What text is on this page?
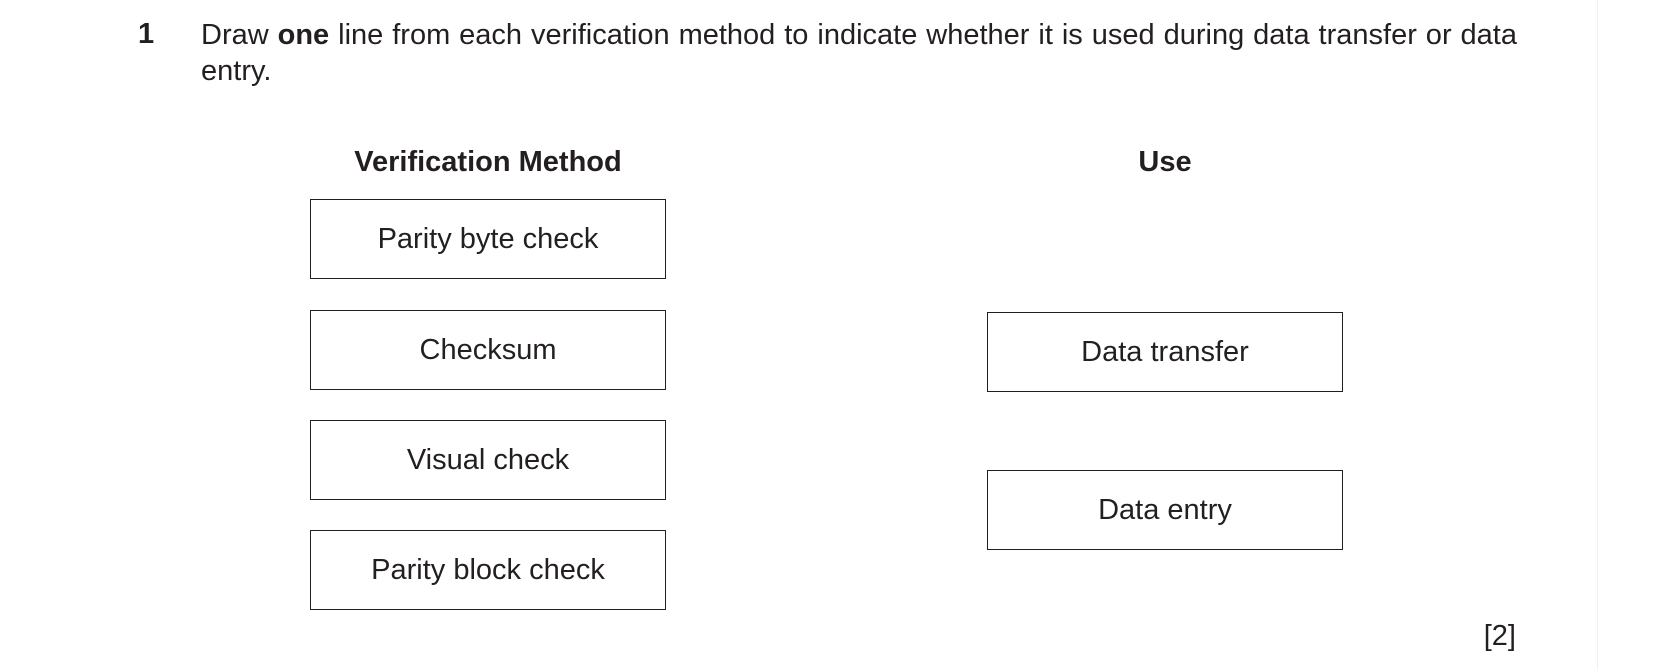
1 Draw one line from each verification method to indicate whether it is used during data transfer or data entry.
Verification Method	Use
Parity byte check
Checksum
Visual check
Parity block check
Data transfer
Data entry
[2]
